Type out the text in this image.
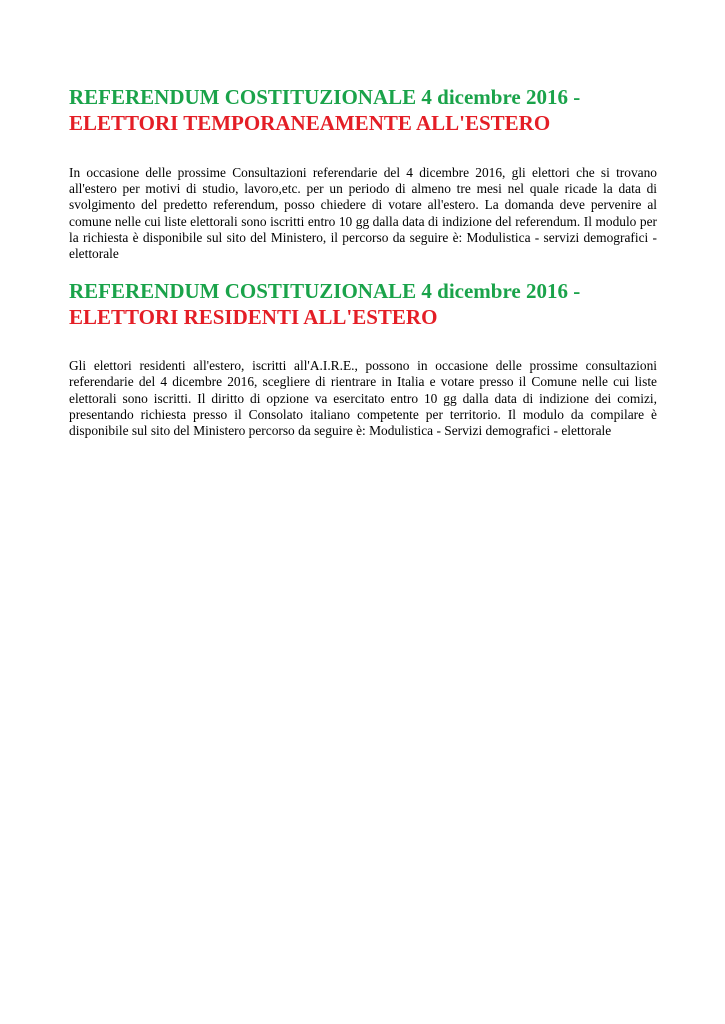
REFERENDUM COSTITUZIONALE 4 dicembre 2016 -
ELETTORI TEMPORANEAMENTE ALL'ESTERO

In occasione delle prossime Consultazioni referendarie del 4 dicembre 2016, gli elettori che si trovano all'estero per motivi di studio, lavoro,etc. per un periodo di almeno tre mesi nel quale ricade la data di svolgimento del predetto referendum, posso chiedere di votare all'estero. La domanda deve pervenire al comune nelle cui liste elettorali sono iscritti entro 10 gg dalla data di indizione del referendum. Il modulo per la richiesta è disponibile sul sito del Ministero, il percorso da seguire è: Modulistica - servizi demografici - elettorale

REFERENDUM COSTITUZIONALE 4 dicembre 2016 -
ELETTORI RESIDENTI ALL'ESTERO

Gli elettori residenti all'estero, iscritti all'A.I.R.E., possono in occasione delle prossime consultazioni referendarie del 4 dicembre 2016, scegliere di rientrare in Italia e votare presso il Comune nelle cui liste elettorali sono iscritti. Il diritto di opzione va esercitato entro 10 gg dalla data di indizione dei comizi, presentando richiesta presso il Consolato italiano competente per territorio. Il modulo da compilare è disponibile sul sito del Ministero percorso da seguire è: Modulistica - Servizi demografici - elettorale
